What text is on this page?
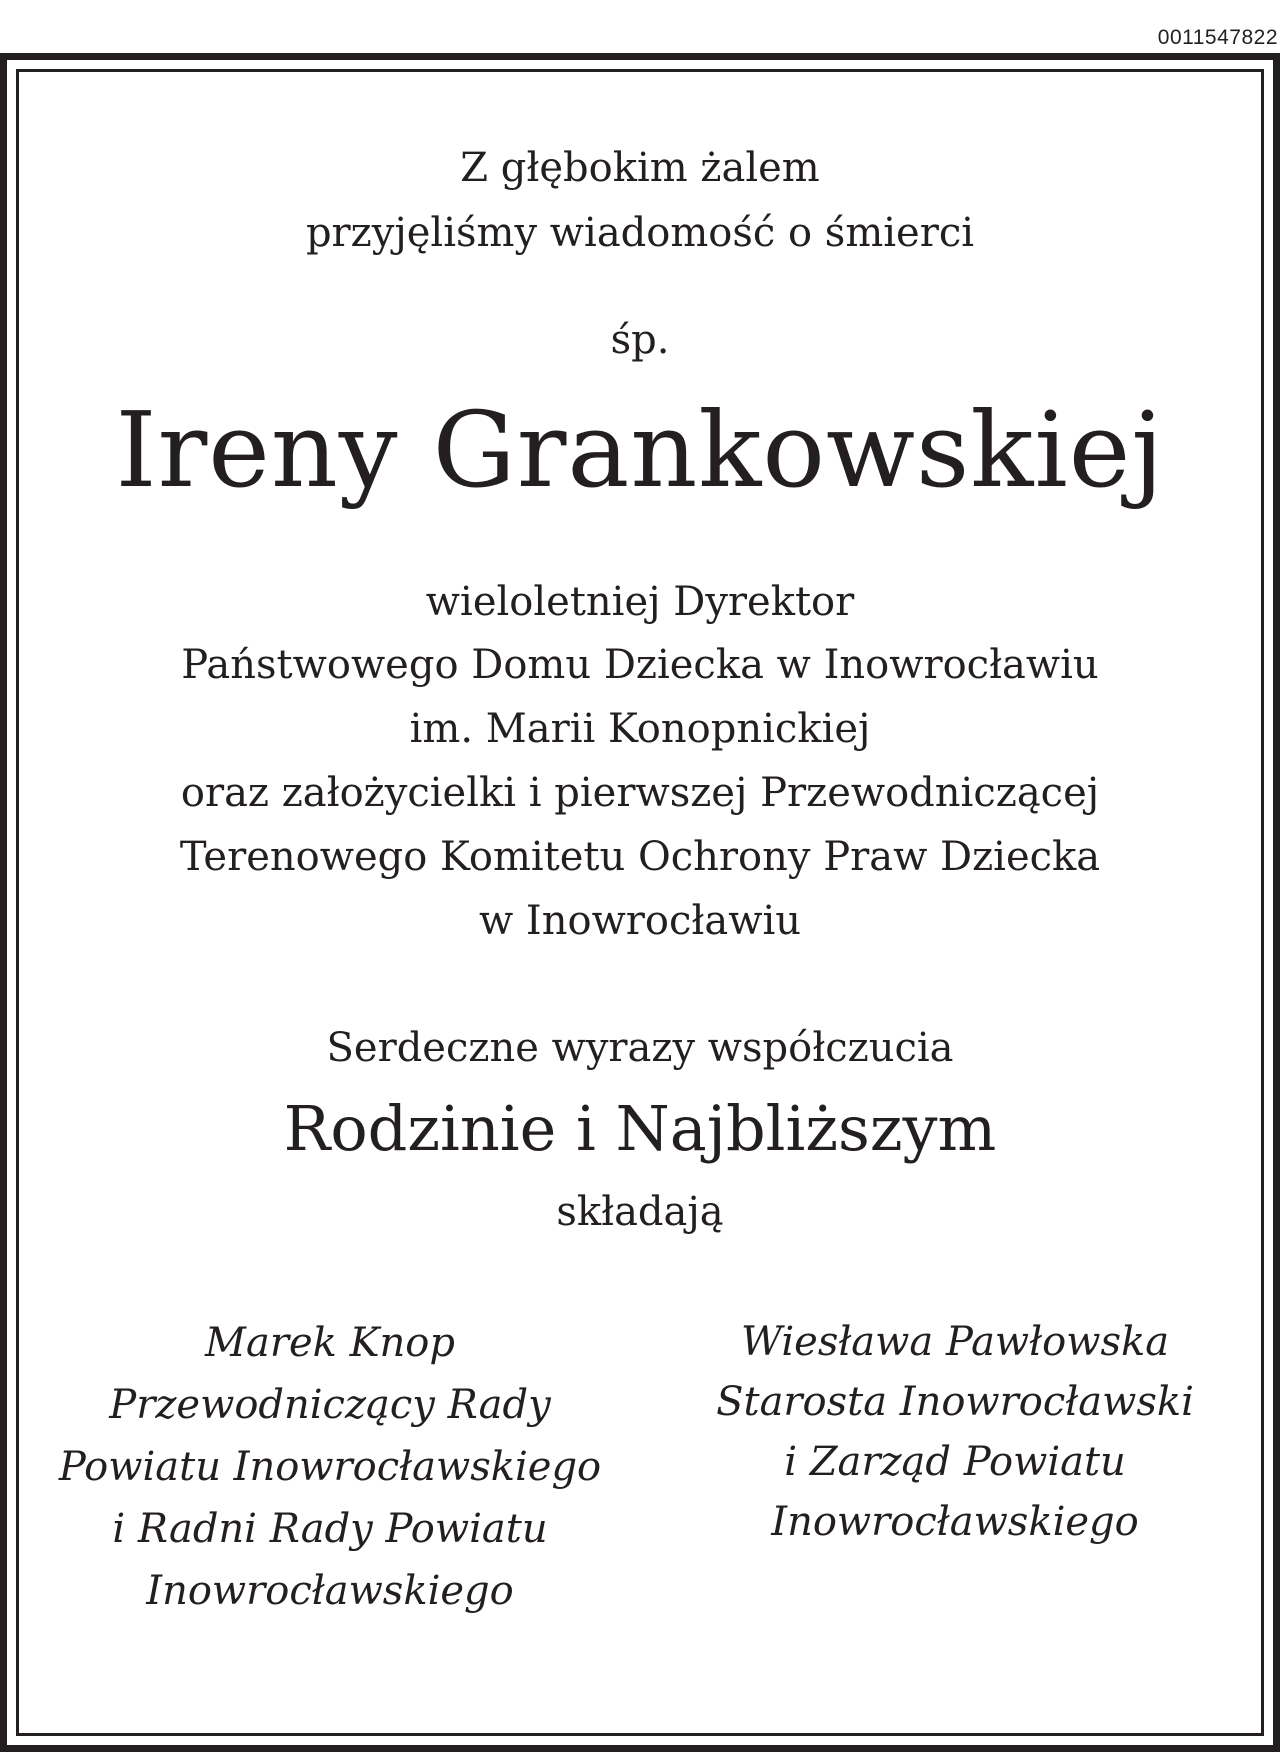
0011547822
Z głębokim żalem
przyjęliśmy wiadomość o śmierci
śp.
Ireny Grankowskiej
wieloletniej Dyrektor
Państwowego Domu Dziecka w Inowrocławiu
im. Marii Konopnickiej
oraz założycielki i pierwszej Przewodniczącej
Terenowego Komitetu Ochrony Praw Dziecka
w Inowrocławiu
Serdeczne wyrazy współczucia
Rodzinie i Najbliższym
składają
Marek Knop
Przewodniczący Rady
Powiatu Inowrocławskiego
i Radni Rady Powiatu
Inowrocławskiego
Wiesława Pawłowska
Starosta Inowrocławski
i Zarząd Powiatu
Inowrocławskiego
